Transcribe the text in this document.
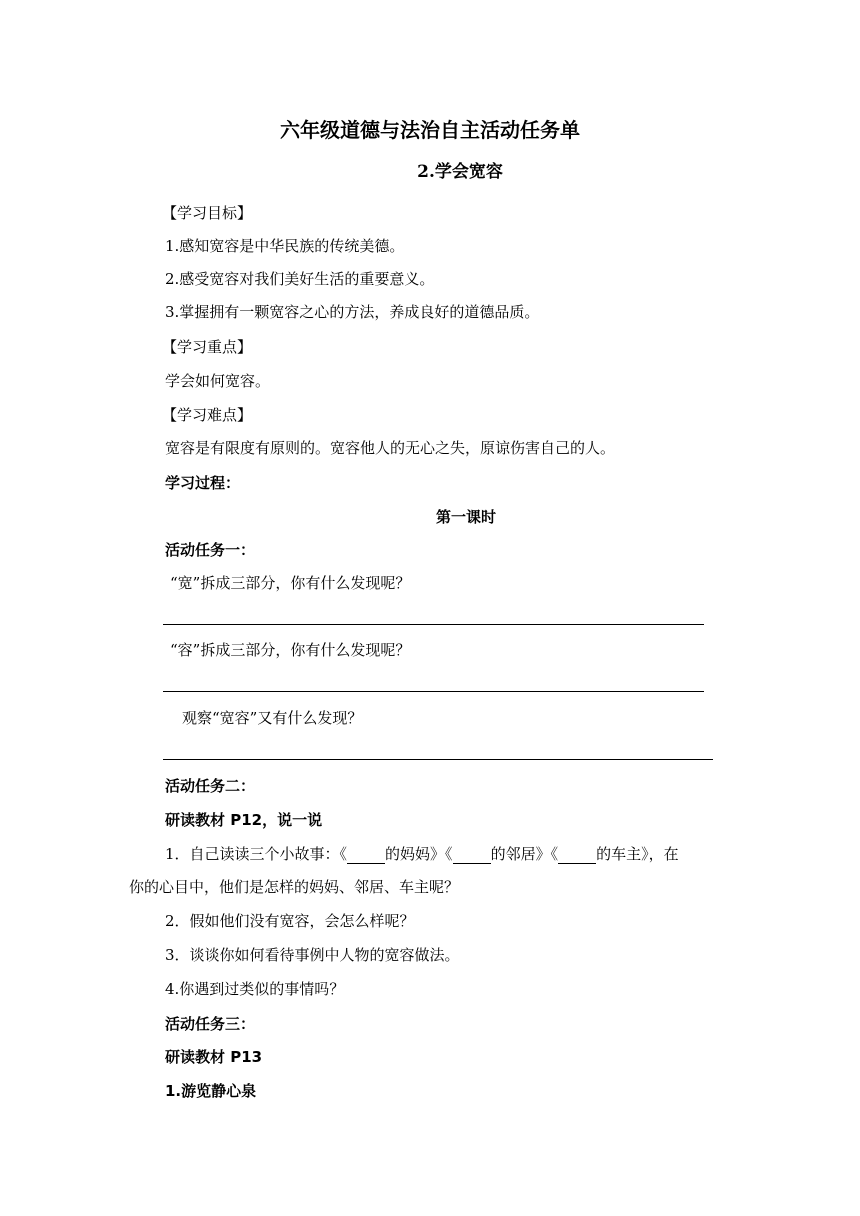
六年级道德与法治自主活动任务单
2.学会宽容
【学习目标】
1.感知宽容是中华民族的传统美德。
2.感受宽容对我们美好生活的重要意义。
3.掌握拥有一颗宽容之心的方法，养成良好的道德品质。
【学习重点】
学会如何宽容。
【学习难点】
宽容是有限度有原则的。宽容他人的无心之失，原谅伤害自己的人。
学习过程：
第一课时
活动任务一：
“宽”拆成三部分，你有什么发现呢？
“容”拆成三部分，你有什么发现呢？
观察“宽容”又有什么发现？
活动任务二：
研读教材 P12，说一说
1．自己读读三个小故事：《	的妈妈》《	的邻居》《	的车主》，在
你的心目中，他们是怎样的妈妈、邻居、车主呢？
2．假如他们没有宽容，会怎么样呢？
3．谈谈你如何看待事例中人物的宽容做法。
4.你遇到过类似的事情吗？
活动任务三：
研读教材 P13
1.游览静心泉
